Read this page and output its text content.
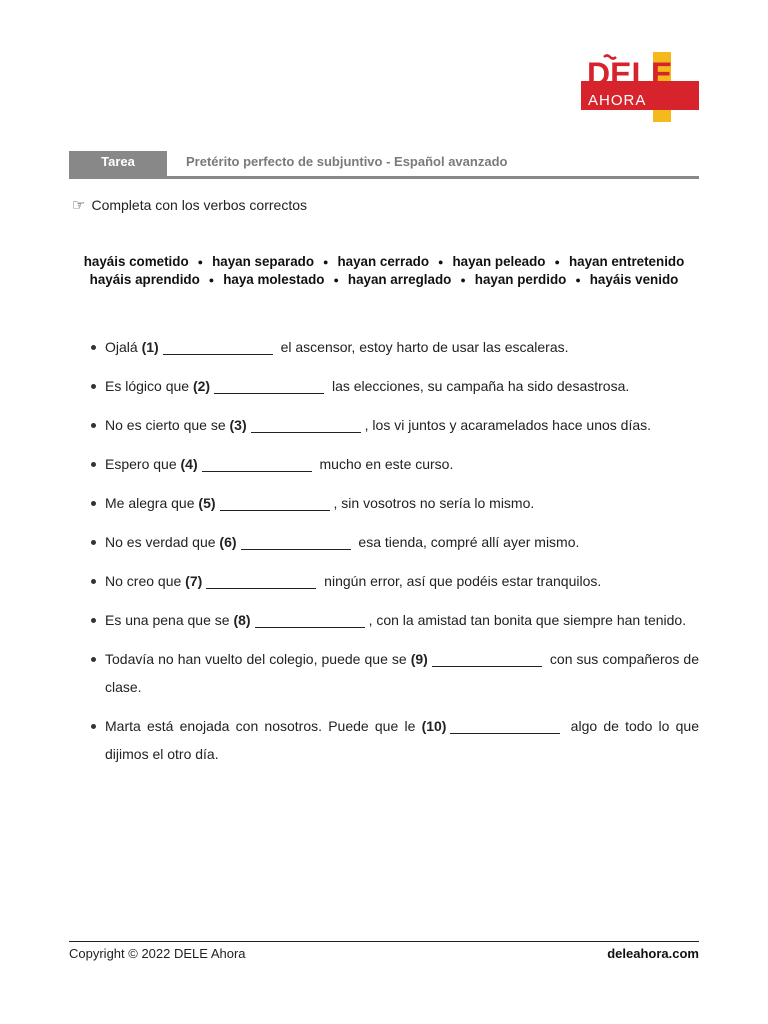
DELE
AHORA
Tarea	Pretérito perfecto de subjuntivo - Español avanzado
☞ Completa con los verbos correctos
hayáis cometido ● hayan separado ● hayan cerrado ● hayan peleado ● hayan entretenido
hayáis aprendido ● haya molestado ● hayan arreglado ● hayan perdido ● hayáis venido
Ojalá (1)	el ascensor, estoy harto de usar las escaleras.
Es lógico que (2)	las elecciones, su campaña ha sido desastrosa.
No es cierto que se (3)	, los vi juntos y acaramelados hace unos días.
Espero que (4)	mucho en este curso.
Me alegra que (5)	, sin vosotros no sería lo mismo.
No es verdad que (6)	esa tienda, compré allí ayer mismo.
No creo que (7)	ningún error, así que podéis estar tranquilos.
Es una pena que se (8)	, con la amistad tan bonita que siempre han tenido.
Todavía no han vuelto del colegio, puede que se (9)	con sus compañeros de clase.
Marta está enojada con nosotros. Puede que le (10)	algo de todo lo que dijimos el otro día.
Copyright © 2022 DELE Ahora	deleahora.com
